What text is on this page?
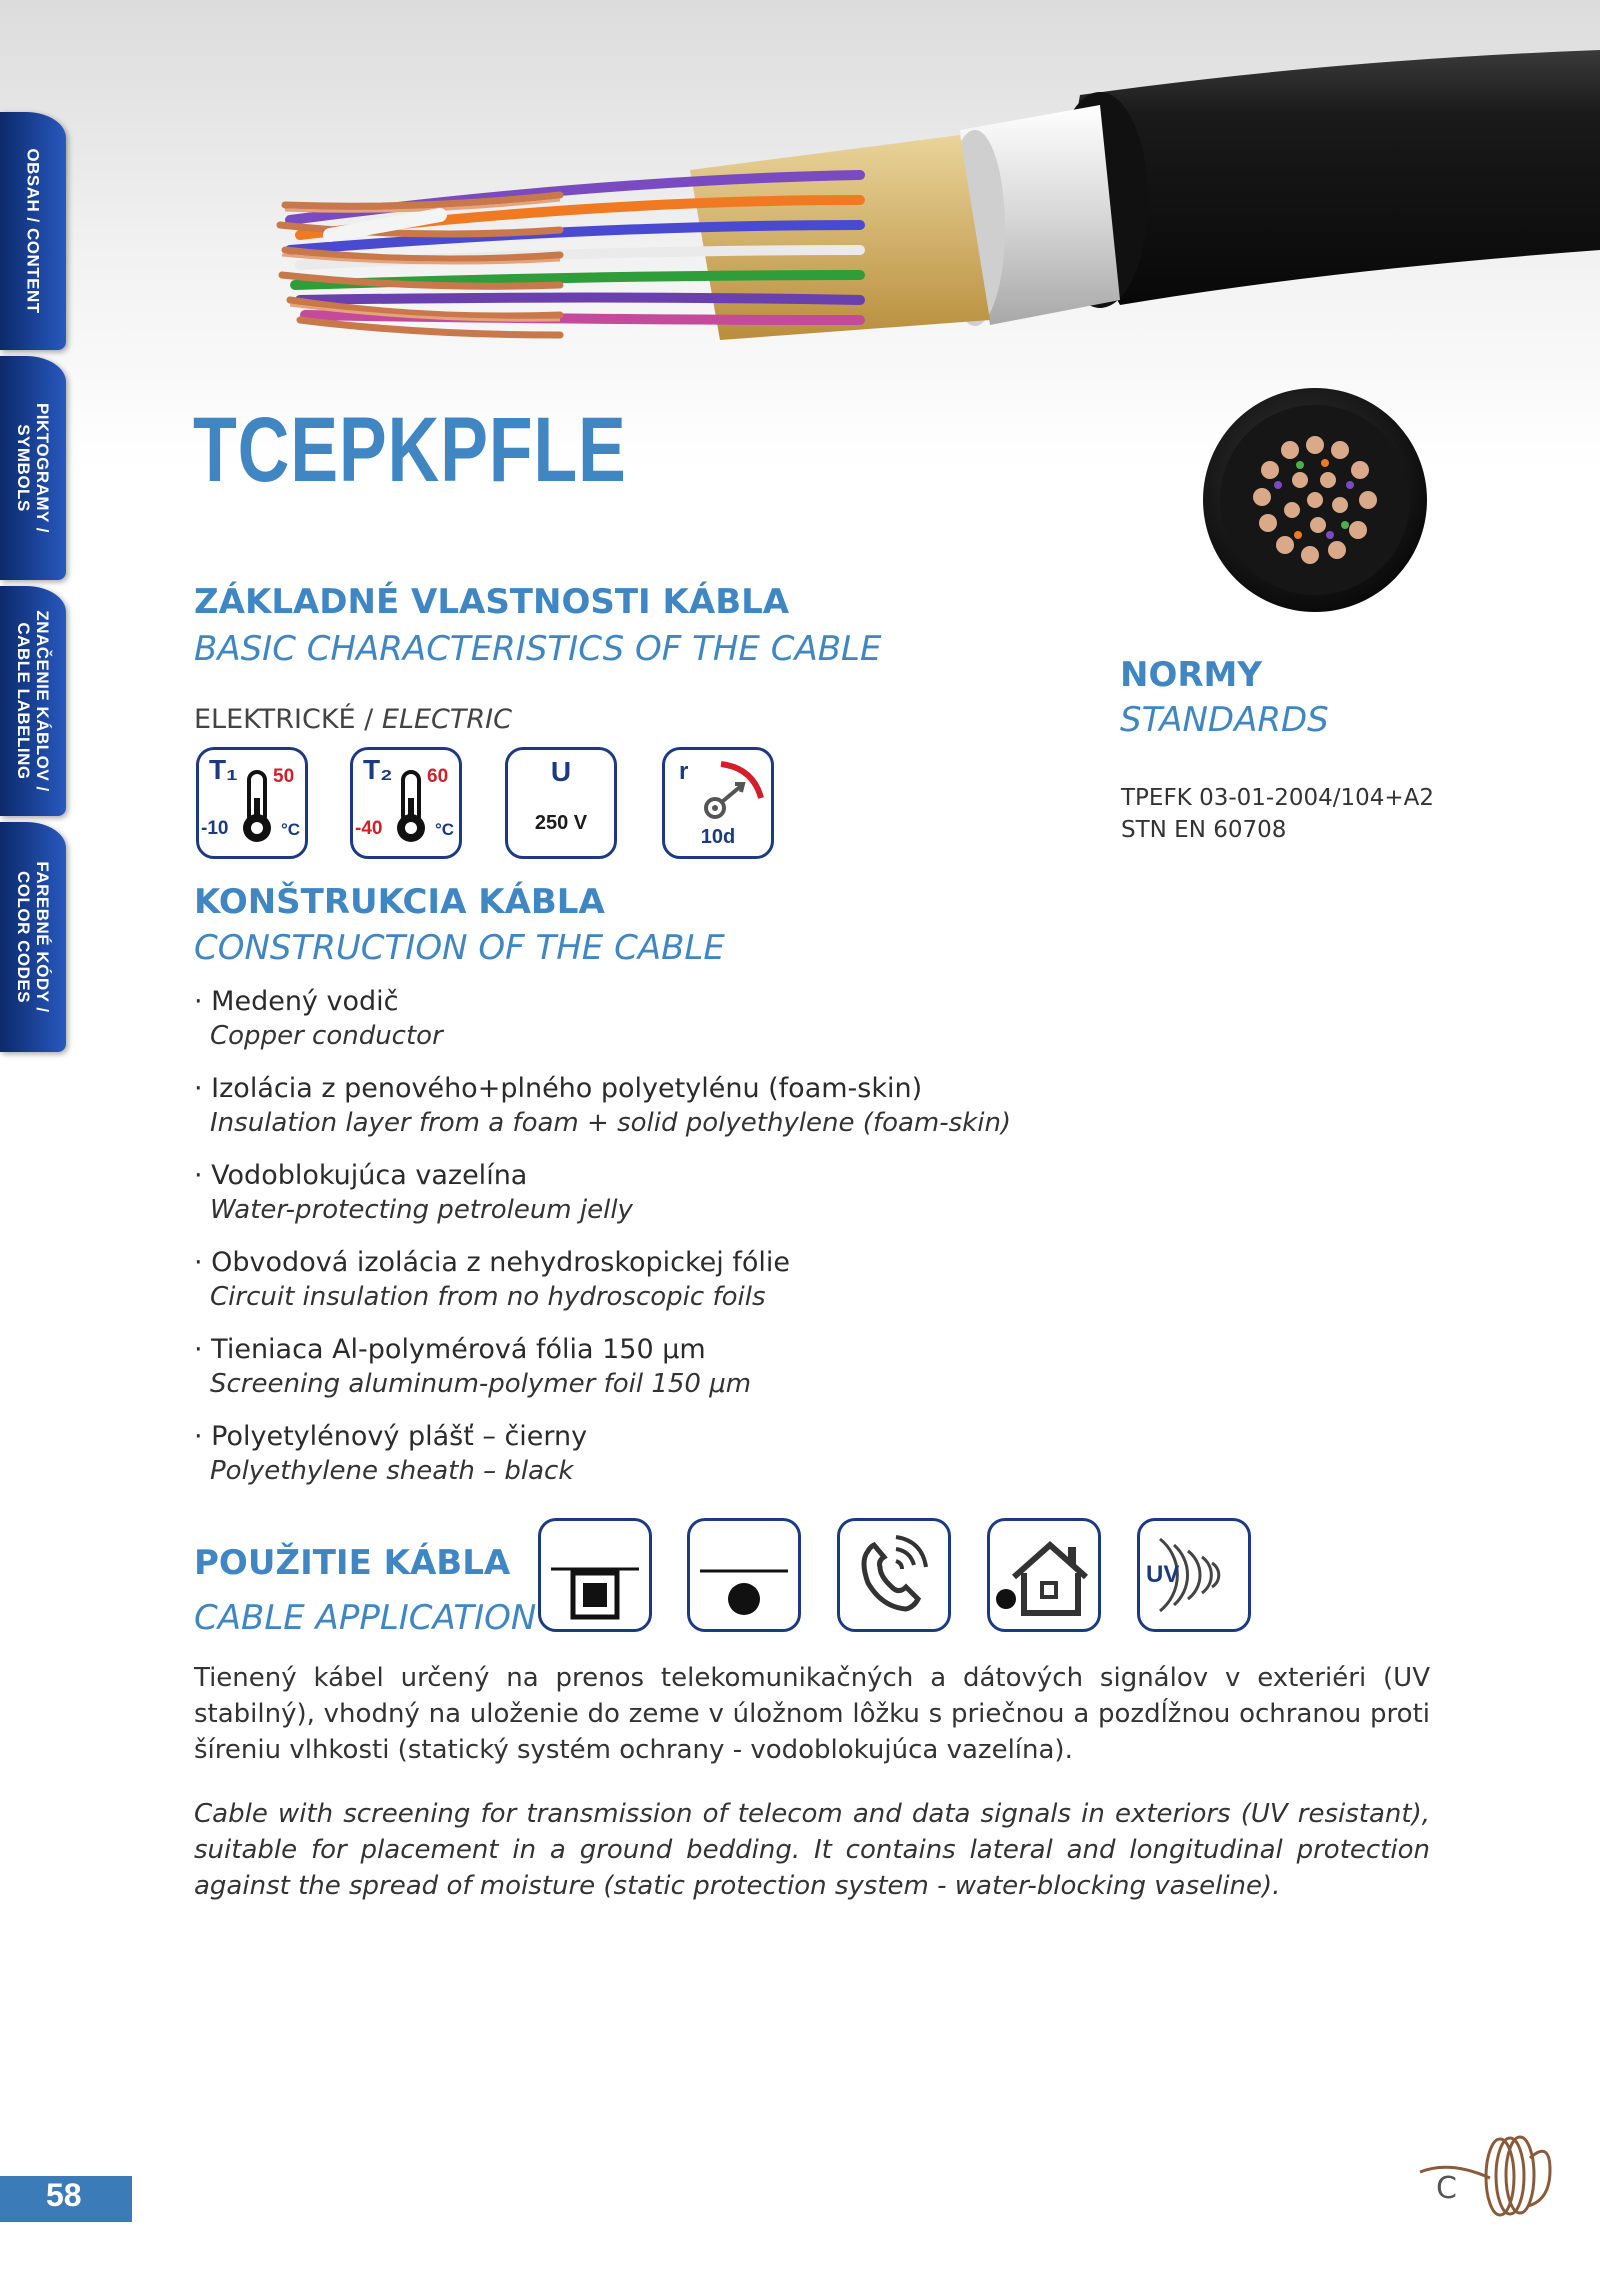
OBSAH / CONTENT
PIKTOGRAMY /
SYMBOLS
ZNAČENIE KÁBLOV /
CABLE LABELING
FAREBNÉ KÓDY /
COLOR CODES
TCEPKPFLE
ZÁKLADNÉ VLASTNOSTI KÁBLA
BASIC CHARACTERISTICS OF THE CABLE
ELEKTRICKÉ / ELECTRIC
T₁ 50
-10	°C
T₂ 60
-40	°C
U
250 V
r
10d
NORMY
STANDARDS
TPEFK 03-01-2004/104+A2
STN EN 60708
KONŠTRUKCIA KÁBLA
CONSTRUCTION OF THE CABLE
· Medený vodič
Copper conductor
· Izolácia z penového+plného polyetylénu (foam-skin)
Insulation layer from a foam + solid polyethylene (foam-skin)
· Vodoblokujúca vazelína
Water-protecting petroleum jelly
· Obvodová izolácia z nehydroskopickej fólie
Circuit insulation from no hydroscopic foils
· Tieniaca Al-polymérová fólia 150 μm
Screening aluminum-polymer foil 150 μm
· Polyetylénový plášť – čierny
Polyethylene sheath – black
POUŽITIE KÁBLA
CABLE APPLICATION
UV
Tienený kábel určený na prenos telekomunikačných a dátových signálov v exteriéri (UV stabilný), vhodný na uloženie do zeme v úložnom lôžku s priečnou a pozdĺžnou ochranou proti šíreniu vlhkosti (statický systém ochrany - vodoblokujúca vazelína).
Cable with screening for transmission of telecom and data signals in exteriors (UV resistant), suitable for placement in a ground bedding. It contains lateral and longitudinal protection against the spread of moisture (static protection system - water-blocking vaseline).
58	C
